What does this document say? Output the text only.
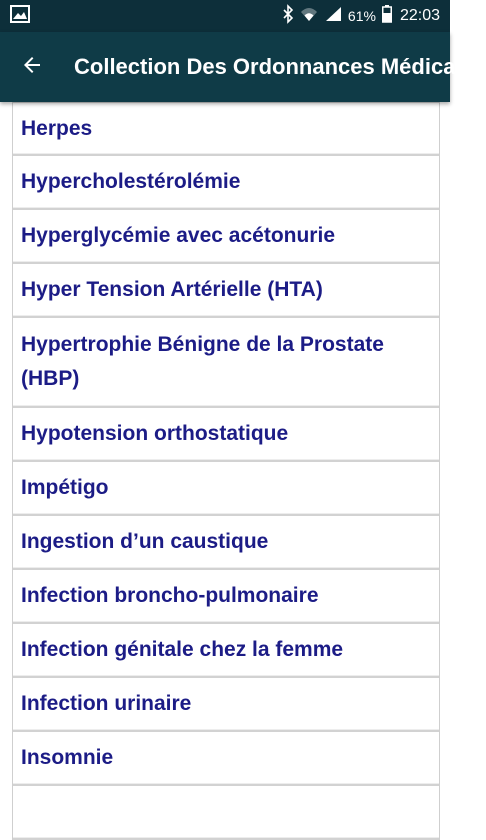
61% 22:03
Collection Des Ordonnances Médicales
Herpes
Hypercholestérolémie
Hyperglycémie avec acétonurie
Hyper Tension Artérielle (HTA)
Hypertrophie Bénigne de la Prostate (HBP)
Hypotension orthostatique
Impétigo
Ingestion d’un caustique
Infection broncho-pulmonaire
Infection génitale chez la femme
Infection urinaire
Insomnie
